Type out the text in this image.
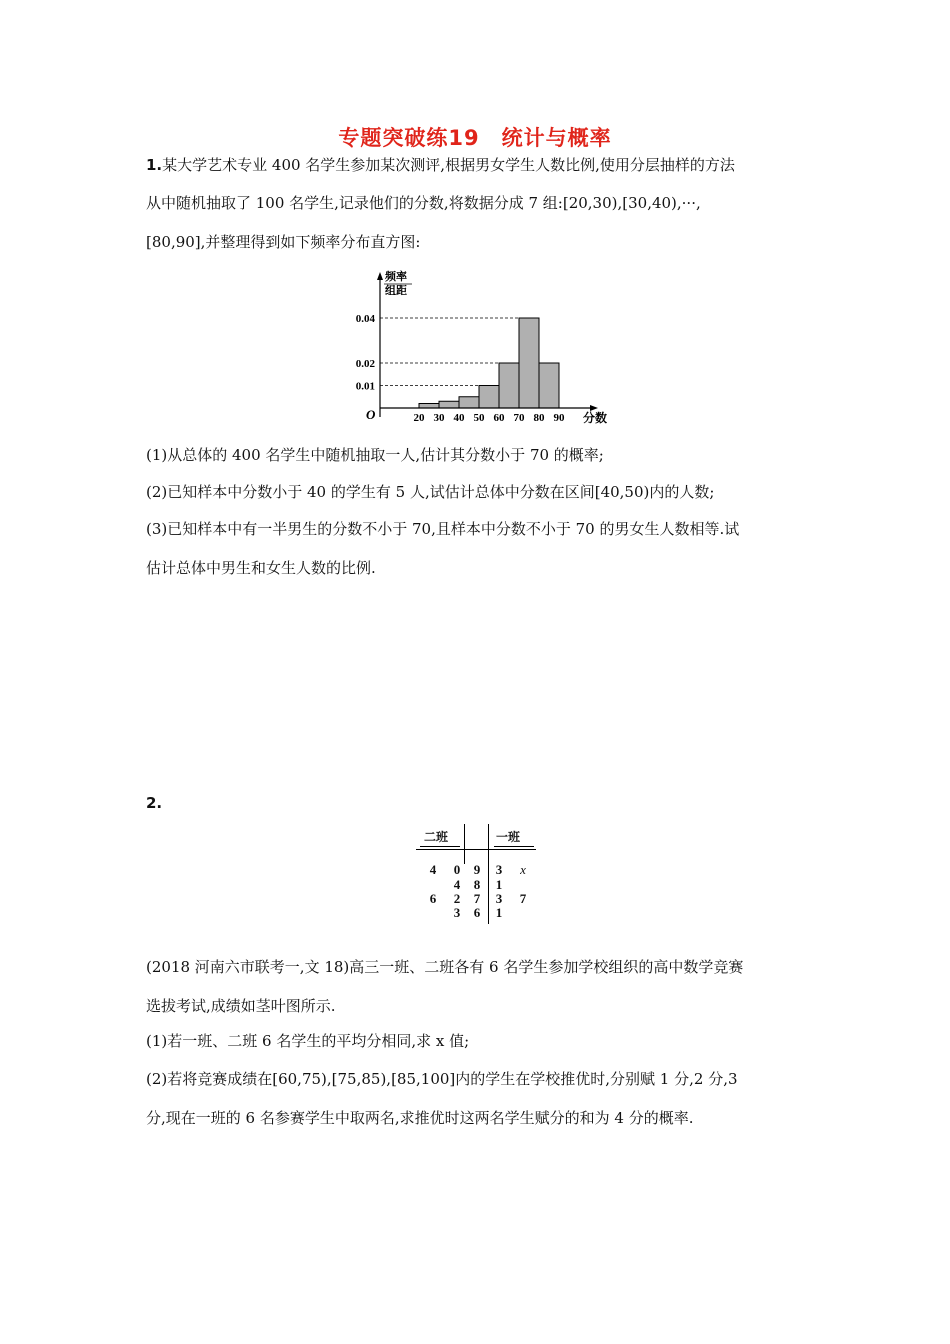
专题突破练19　统计与概率
1.某大学艺术专业 400 名学生参加某次测评,根据男女学生人数比例,使用分层抽样的方法
从中随机抽取了 100 名学生,记录他们的分数,将数据分成 7 组:[20,30),[30,40),···,
[80,90],并整理得到如下频率分布直方图:
频率
组距
O
0.01
0.02
0.04
20 30 40 50 60 70 80 90 分数
(1)从总体的 400 名学生中随机抽取一人,估计其分数小于 70 的概率;
(2)已知样本中分数小于 40 的学生有 5 人,试估计总体中分数在区间[40,50)内的人数;
(3)已知样本中有一半男生的分数不小于 70,且样本中分数不小于 70 的男女生人数相等.试
估计总体中男生和女生人数的比例.
2.
二班	一班
4 0 9 3	x
4 8 1
6 2 7 3 7
3 6 1
(2018 河南六市联考一,文 18)高三一班、二班各有 6 名学生参加学校组织的高中数学竞赛
选拔考试,成绩如茎叶图所示.
(1)若一班、二班 6 名学生的平均分相同,求 x 值;
(2)若将竞赛成绩在[60,75),[75,85),[85,100]内的学生在学校推优时,分别赋 1 分,2 分,3
分,现在一班的 6 名参赛学生中取两名,求推优时这两名学生赋分的和为 4 分的概率.
